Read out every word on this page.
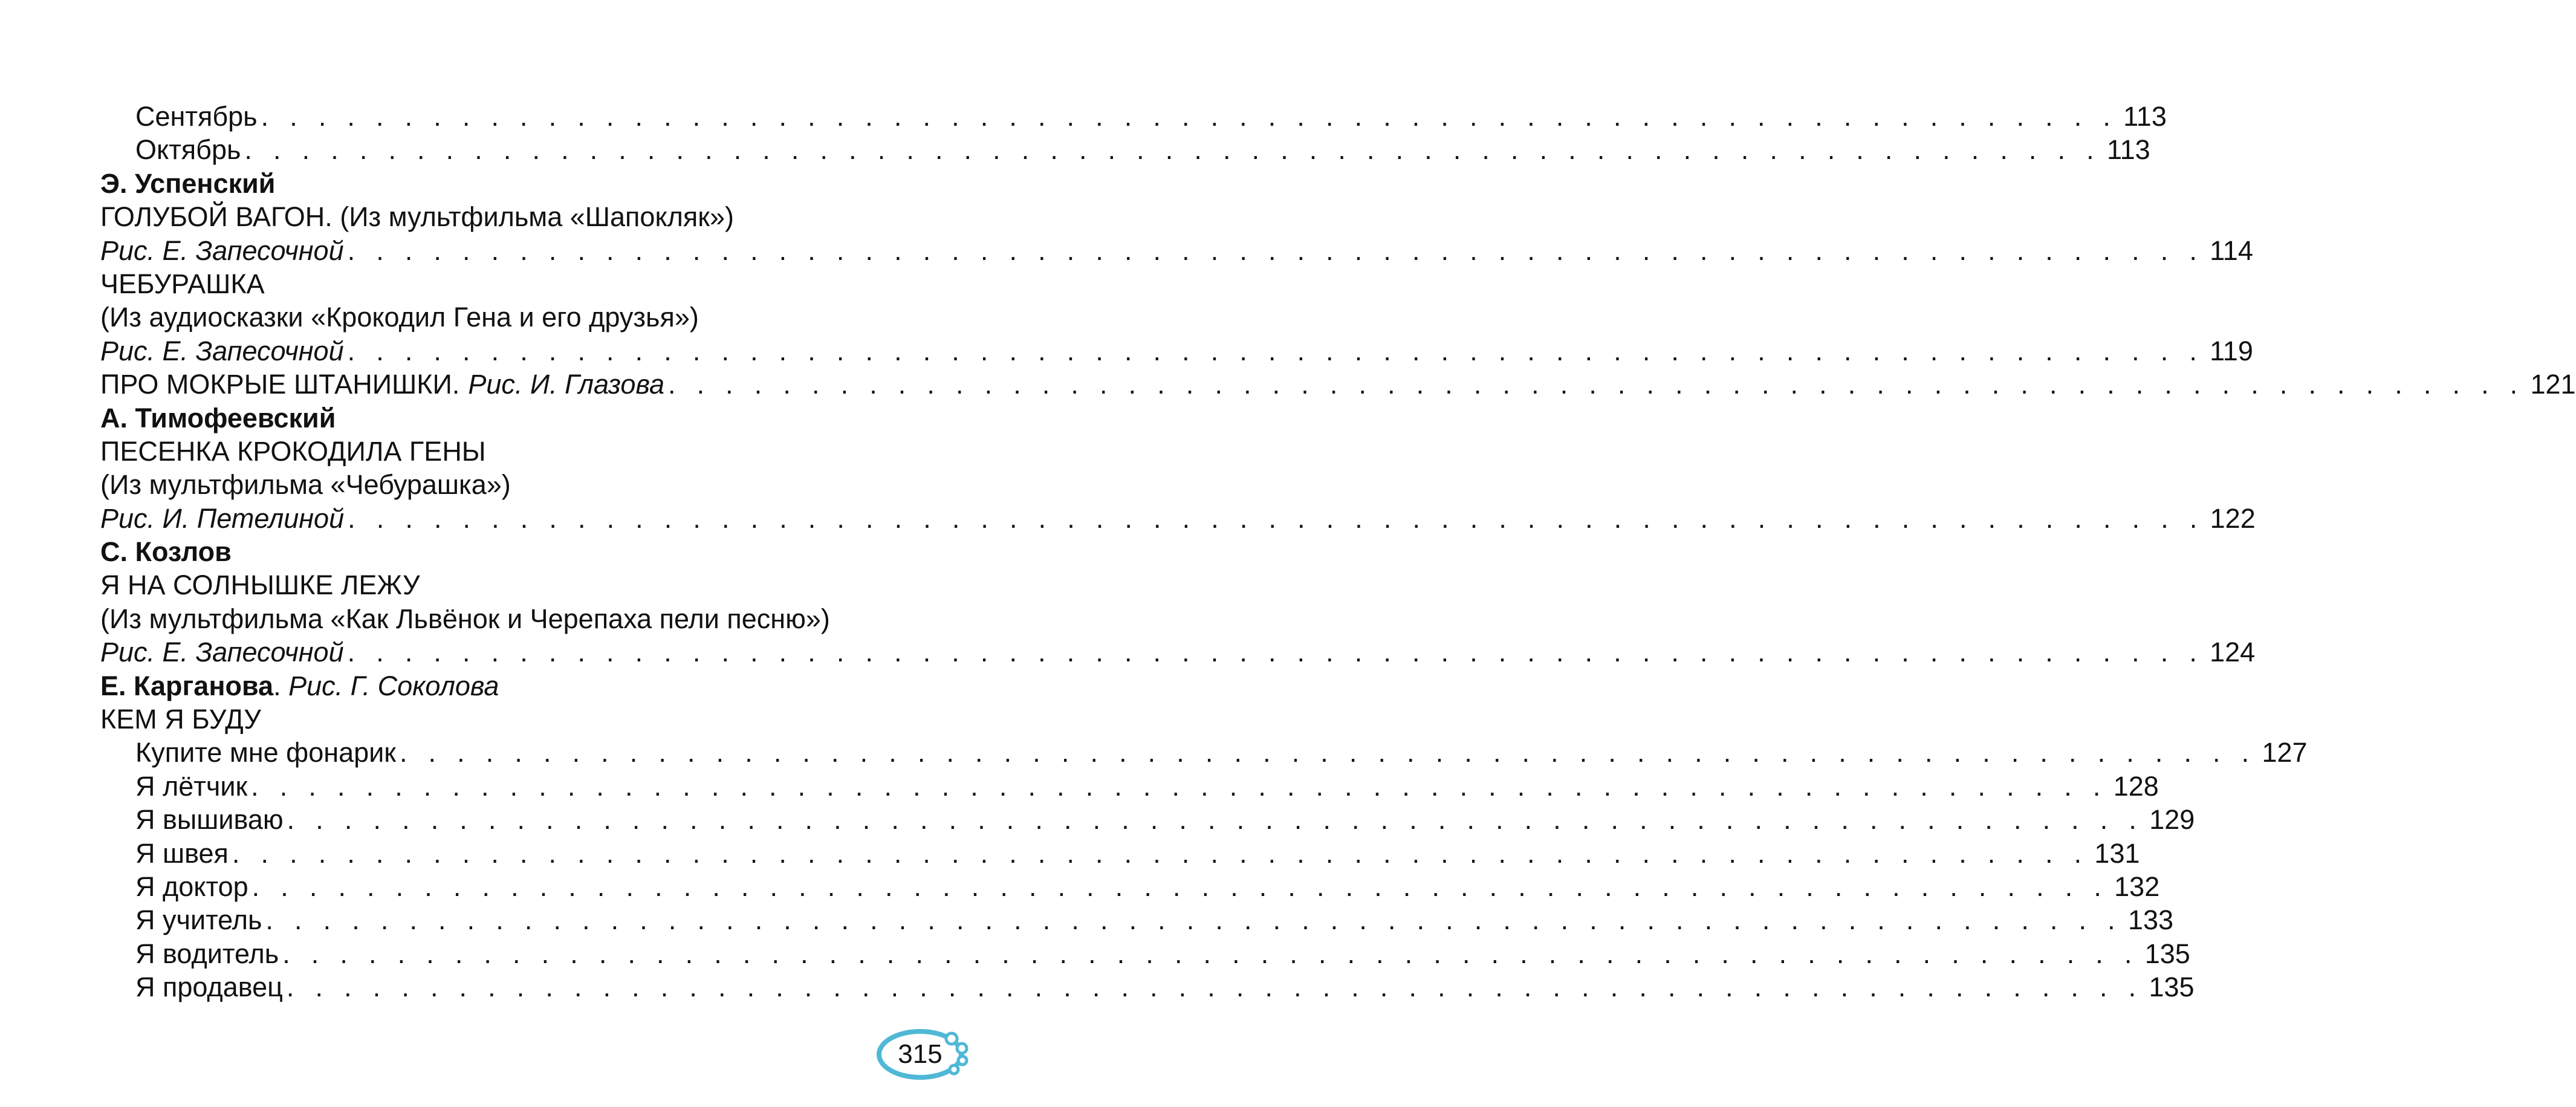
Сентябрь . . . . . . . . . . . . . . . . . . . . . . . . . . . . . . . . . . . . . . . . . . . . . . . . . . . . . . . . . . . . . . . . . 113
Октябрь . . . . . . . . . . . . . . . . . . . . . . . . . . . . . . . . . . . . . . . . . . . . . . . . . . . . . . . . . . . . . . . . . 113
Э. Успенский
ГОЛУБОЙ ВАГОН. (Из мультфильма «Шапокляк»)
Рис. Е. Запесочной . . . . . . . . . . . . . . . . . . . . . . . . . . . . . . . . . . . . . . . . . . . . . . . . . . . . . . . . . . . . . . . . . 114
ЧЕБУРАШКА
(Из аудиосказки «Крокодил Гена и его друзья»)
Рис. Е. Запесочной . . . . . . . . . . . . . . . . . . . . . . . . . . . . . . . . . . . . . . . . . . . . . . . . . . . . . . . . . . . . . . . . . 119
ПРО МОКРЫЕ ШТАНИШКИ. Рис. И. Глазова . . . . . . . . . . . . . . . . . . . . . . . . . . . . . . . . . . . . . . . . . . . . . . . . . . . . . . . . . . . . . . . . . 121
А. Тимофеевский
ПЕСЕНКА КРОКОДИЛА ГЕНЫ
(Из мультфильма «Чебурашка»)
Рис. И. Петелиной . . . . . . . . . . . . . . . . . . . . . . . . . . . . . . . . . . . . . . . . . . . . . . . . . . . . . . . . . . . . . . . . . 122
С. Козлов
Я НА СОЛНЫШКЕ ЛЕЖУ
(Из мультфильма «Как Львёнок и Черепаха пели песню»)
Рис. Е. Запесочной . . . . . . . . . . . . . . . . . . . . . . . . . . . . . . . . . . . . . . . . . . . . . . . . . . . . . . . . . . . . . . . . . 124
Е. Карганова . Рис. Г. Соколова
КЕМ Я БУДУ
Купите мне фонарик . . . . . . . . . . . . . . . . . . . . . . . . . . . . . . . . . . . . . . . . . . . . . . . . . . . . . . . . . . . . . . . . . 127
Я лётчик . . . . . . . . . . . . . . . . . . . . . . . . . . . . . . . . . . . . . . . . . . . . . . . . . . . . . . . . . . . . . . . . . 128
Я вышиваю . . . . . . . . . . . . . . . . . . . . . . . . . . . . . . . . . . . . . . . . . . . . . . . . . . . . . . . . . . . . . . . . . 129
Я швея . . . . . . . . . . . . . . . . . . . . . . . . . . . . . . . . . . . . . . . . . . . . . . . . . . . . . . . . . . . . . . . . . 131
Я доктор . . . . . . . . . . . . . . . . . . . . . . . . . . . . . . . . . . . . . . . . . . . . . . . . . . . . . . . . . . . . . . . . . 132
Я учитель . . . . . . . . . . . . . . . . . . . . . . . . . . . . . . . . . . . . . . . . . . . . . . . . . . . . . . . . . . . . . . . . . 133
Я водитель . . . . . . . . . . . . . . . . . . . . . . . . . . . . . . . . . . . . . . . . . . . . . . . . . . . . . . . . . . . . . . . . . 135
Я продавец . . . . . . . . . . . . . . . . . . . . . . . . . . . . . . . . . . . . . . . . . . . . . . . . . . . . . . . . . . . . . . . . . 135
315
